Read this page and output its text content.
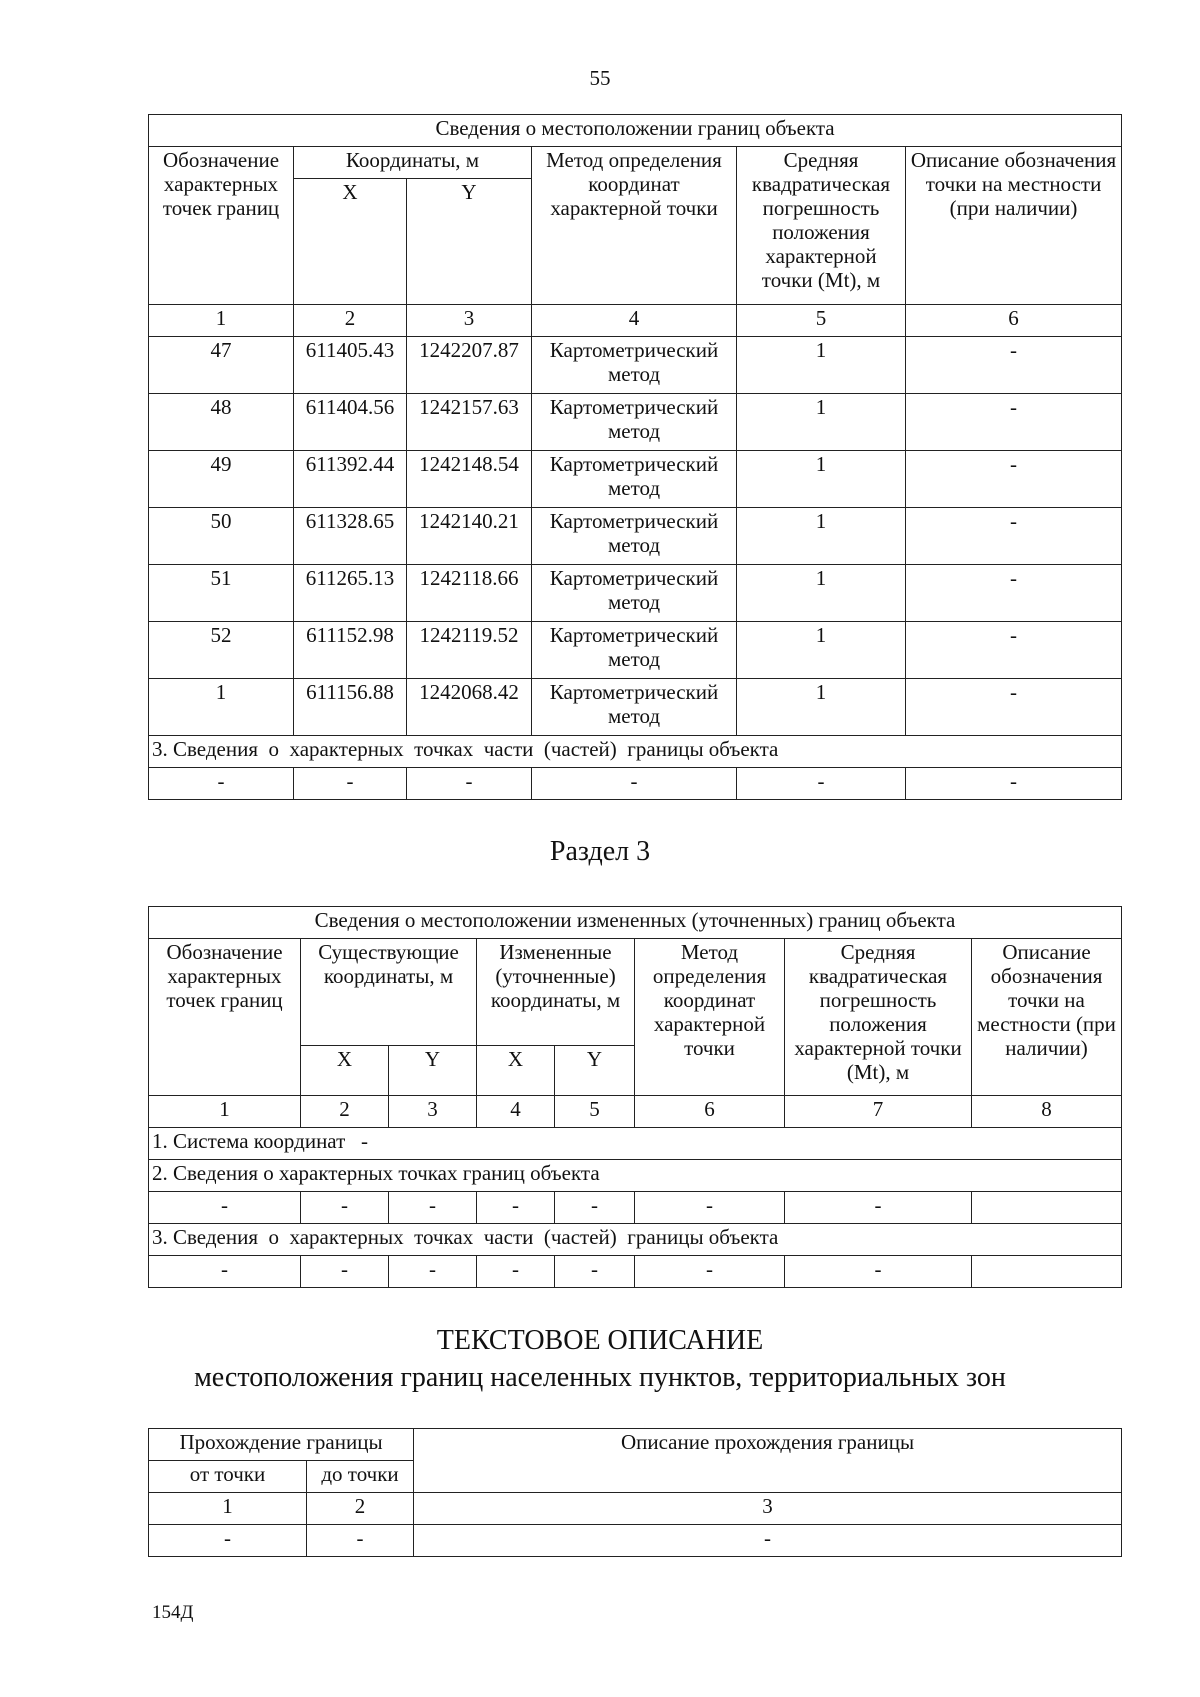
55
Сведения о местоположении границ объекта					
Обозначение характерных точек границ	Координаты, м		Метод определения координат характерной точки	Средняя квадратическая погрешность положения характерной точки (Mt), м	Описание обозначения точки на местности (при наличии)
	X	Y			
1	2	3	4	5	6
47	611405.43	1242207.87	Картометрический метод	1	-
48	611404.56	1242157.63	Картометрический метод	1	-
49	611392.44	1242148.54	Картометрический метод	1	-
50	611328.65	1242140.21	Картометрический метод	1	-
51	611265.13	1242118.66	Картометрический метод	1	-
52	611152.98	1242119.52	Картометрический метод	1	-
1	611156.88	1242068.42	Картометрический метод	1	-
3. Сведения  о  характерных  точках  части  (частей)  границы объекта					
-	-	-	-	-	-
Раздел 3
Сведения о местоположении измененных (уточненных) границ объекта							
Обозначение характерных точек границ	Существующие координаты, м		Измененные (уточненные) координаты, м		Метод определения координат характерной точки	Средняя квадратическая погрешность положения характерной точки (Mt), м	Описание обозначения точки на местности (при наличии)
	X	Y	X	Y			
1	2	3	4	5	6	7	8
1. Система координат   -							
2. Сведения о характерных точках границ объекта							
-	-	-	-	-	-	-	
3. Сведения  о  характерных  точках  части  (частей)  границы объекта							
-	-	-	-	-	-	-	
ТЕКСТОВОЕ ОПИСАНИЕ
местоположения границ населенных пунктов, территориальных зон
Прохождение границы		Описание прохождения границы
от точки	до точки	
1	2	3
-	-	-
154Д
